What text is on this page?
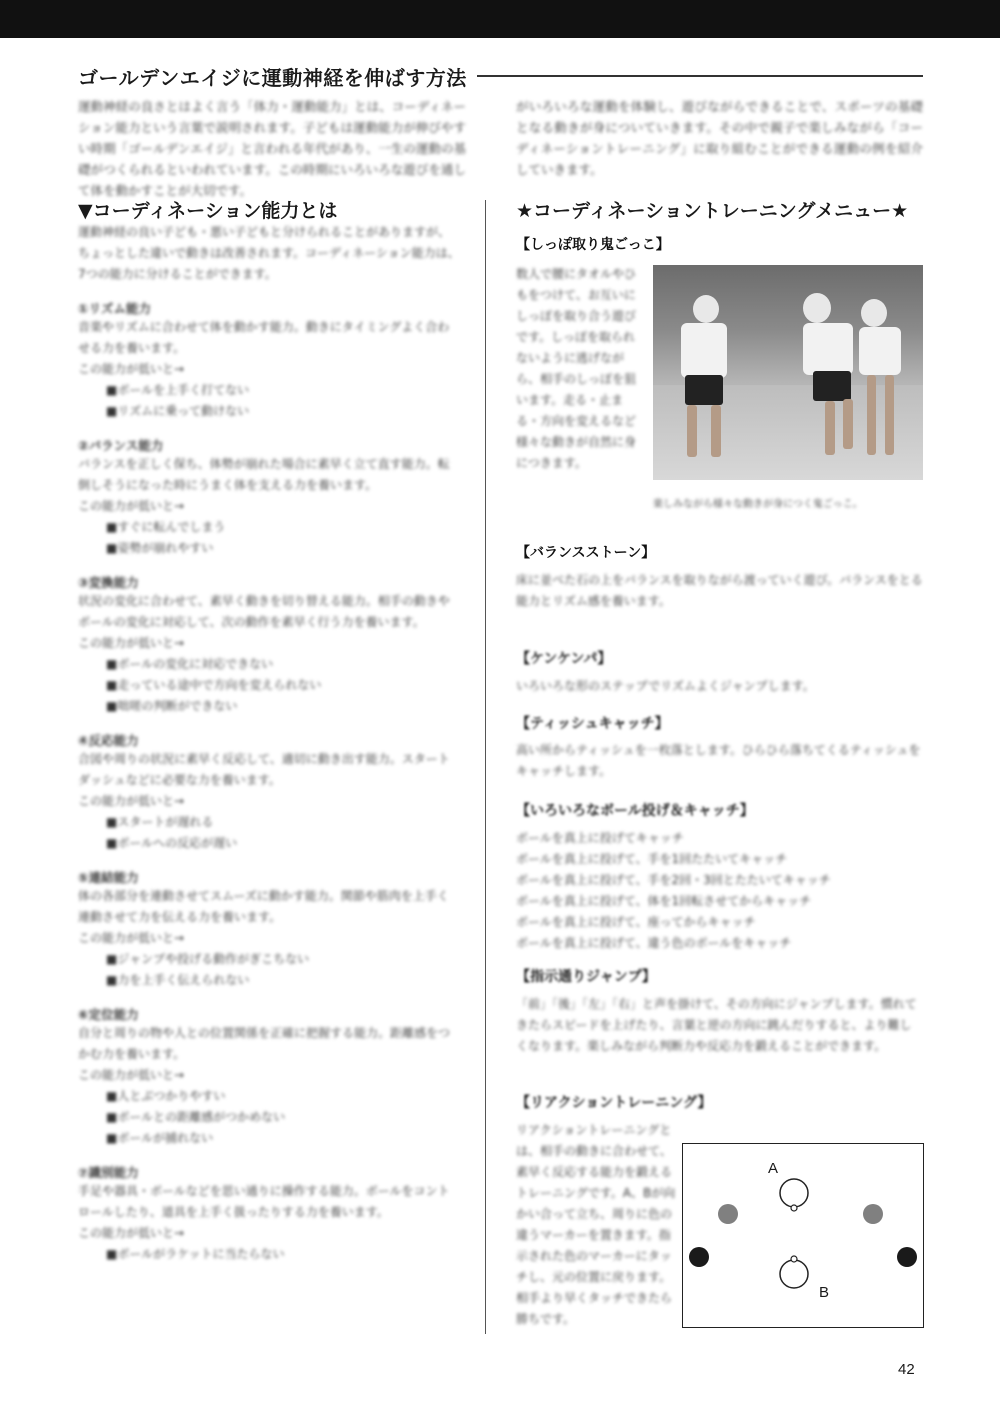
ゴールデンエイジに運動神経を伸ばす方法
運動神経の良さとはよく言う「体力・運動能力」とは、コーディネーション能力という言葉で説明されます。子どもは運動能力が伸びやすい時期「ゴールデンエイジ」と言われる年代があり、一生の運動の基礎がつくられるといわれています。この時期にいろいろな遊びを通して体を動かすことが大切です。
がいろいろな運動を体験し、遊びながらできることで、スポーツの基礎となる動きが身についていきます。その中で親子で楽しみながら「コーディネーショントレーニング」に取り組むことができる運動の例を紹介していきます。
▼コーディネーション能力とは
運動神経の良い子ども・悪い子どもと分けられることがありますが、ちょっとした違いで動きは改善されます。コーディネーション能力は、7つの能力に分けることができます。
①リズム能力
音楽やリズムに合わせて体を動かす能力。動きにタイミングよく合わせる力を養います。
この能力が低いと→
■ボールを上手く打てない
■リズムに乗って動けない
②バランス能力
バランスを正しく保ち、体勢が崩れた場合に素早く立て直す能力。転倒しそうになった時にうまく体を支える力を養います。
この能力が低いと→
■すぐに転んでしまう
■姿勢が崩れやすい
③変換能力
状況の変化に合わせて、素早く動きを切り替える能力。相手の動きやボールの変化に対応して、次の動作を素早く行う力を養います。
この能力が低いと→
■ボールの変化に対応できない
■走っている途中で方向を変えられない
■咄嗟の判断ができない
④反応能力
合図や周りの状況に素早く反応して、適切に動き出す能力。スタートダッシュなどに必要な力を養います。
この能力が低いと→
■スタートが遅れる
■ボールへの反応が遅い
⑤連結能力
体の各部分を連動させてスムーズに動かす能力。関節や筋肉を上手く連動させて力を伝える力を養います。
この能力が低いと→
■ジャンプや投げる動作がぎこちない
■力を上手く伝えられない
⑥定位能力
自分と周りの物や人との位置関係を正確に把握する能力。距離感をつかむ力を養います。
この能力が低いと→
■人とぶつかりやすい
■ボールとの距離感がつかめない
■ボールが捕れない
⑦識別能力
手足や器具・ボールなどを思い通りに操作する能力。ボールをコントロールしたり、道具を上手く扱ったりする力を養います。
この能力が低いと→
■ボールがラケットに当たらない
★コーディネーショントレーニングメニュー★
【しっぽ取り鬼ごっこ】
数人で腰にタオルやひもをつけて、お互いにしっぽを取り合う遊びです。しっぽを取られないように逃げながら、相手のしっぽを狙います。走る・止まる・方向を変えるなど様々な動きが自然に身につきます。
楽しみながら様々な動きが身につく鬼ごっこ。
【バランスストーン】
床に並べた石の上をバランスを取りながら渡っていく遊び。バランスをとる能力とリズム感を養います。
【ケンケンパ】
いろいろな形のステップでリズムよくジャンプします。
【ティッシュキャッチ】
高い所からティッシュを一枚落とします。ひらひら落ちてくるティッシュをキャッチします。
【いろいろなボール投げ＆キャッチ】
ボールを真上に投げてキャッチ
ボールを真上に投げて、手を1回たたいてキャッチ
ボールを真上に投げて、手を2回・3回とたたいてキャッチ
ボールを真上に投げて、体を1回転させてからキャッチ
ボールを真上に投げて、座ってからキャッチ
ボールを真上に投げて、違う色のボールをキャッチ
【指示通りジャンプ】
「前」「後」「左」「右」と声を掛けて、その方向にジャンプします。慣れてきたらスピードを上げたり、言葉と逆の方向に跳んだりすると、より難しくなります。楽しみながら判断力や反応力を鍛えることができます。
【リアクショントレーニング】
リアクショントレーニングとは、相手の動きに合わせて、素早く反応する能力を鍛えるトレーニングです。A、Bが向かい合って立ち、周りに色の違うマーカーを置きます。指示された色のマーカーにタッチし、元の位置に戻ります。相手より早くタッチできたら勝ちです。
A
B
42
